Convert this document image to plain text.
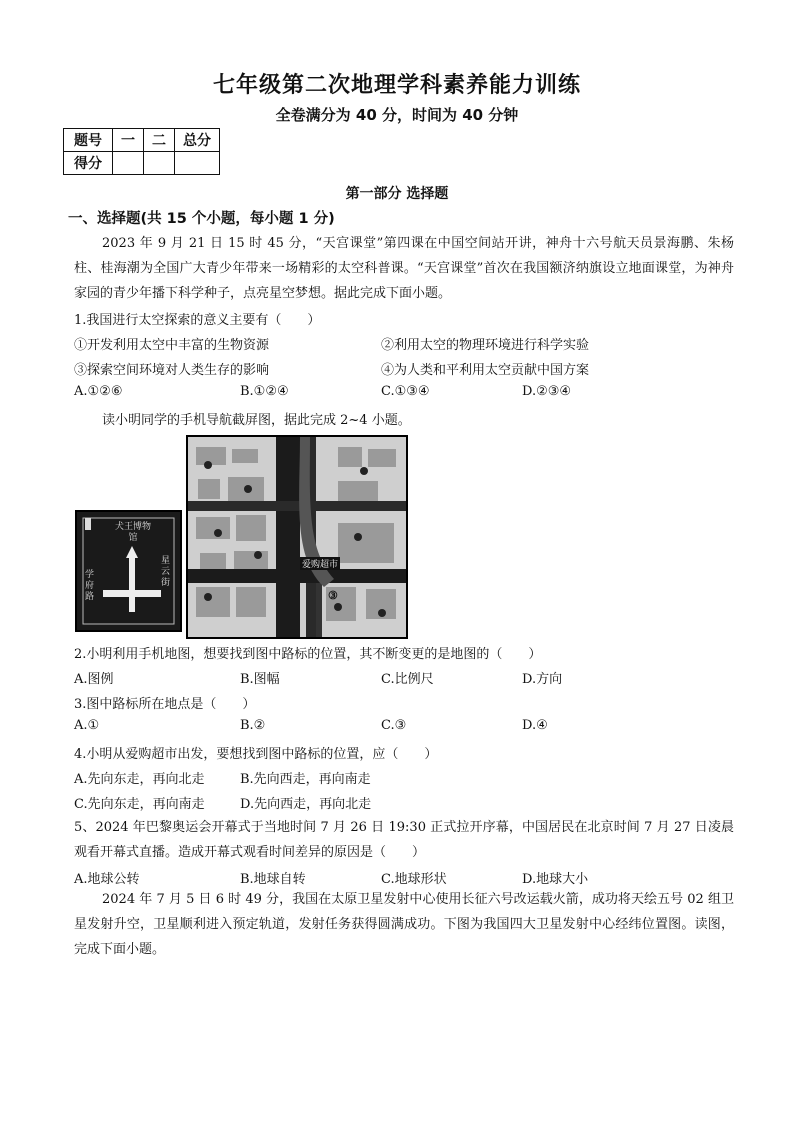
七年级第二次地理学科素养能力训练
全卷满分为 40 分，时间为 40 分钟
题号	一	二	总分
得分			
第一部分 选择题
一、选择题(共 15 个小题，每小题 1 分)
2023 年 9 月 21 日 15 时 45 分，“天宫课堂”第四课在中国空间站开讲，神舟十六号航天员景海鹏、朱杨柱、桂海潮为全国广大青少年带来一场精彩的太空科普课。“天宫课堂”首次在我国额济纳旗设立地面课堂，为神舟家园的青少年播下科学种子，点亮星空梦想。据此完成下面小题。
1.我国进行太空探索的意义主要有（　　）
①开发利用太空中丰富的生物资源	②利用太空的物理环境进行科学实验
③探索空间环境对人类生存的影响	④为人类和平利用太空贡献中国方案
A.①②⑥	B.①②④	C.①③④	D.②③④
读小明同学的手机导航截屏图，据此完成 2~4 小题。
犬王博物馆
学府路
星云街
爱购超市
③
2.小明利用手机地图，想要找到图中路标的位置，其不断变更的是地图的（　　）
A.图例	B.图幅	C.比例尺	D.方向
3.图中路标所在地点是（　　）
A.①	B.②	C.③	D.④
4.小明从爱购超市出发，要想找到图中路标的位置，应（　　）
A.先向东走，再向北走	B.先向西走，再向南走
C.先向东走，再向南走	D.先向西走，再向北走
5、2024 年巴黎奥运会开幕式于当地时间 7 月 26 日 19:30 正式拉开序幕，中国居民在北京时间 7 月 27 日凌晨观看开幕式直播。造成开幕式观看时间差异的原因是（　　）
A.地球公转	B.地球自转	C.地球形状	D.地球大小
2024 年 7 月 5 日 6 时 49 分，我国在太原卫星发射中心使用长征六号改运载火箭，成功将天绘五号 02 组卫星发射升空，卫星顺利进入预定轨道，发射任务获得圆满成功。下图为我国四大卫星发射中心经纬位置图。读图，完成下面小题。
